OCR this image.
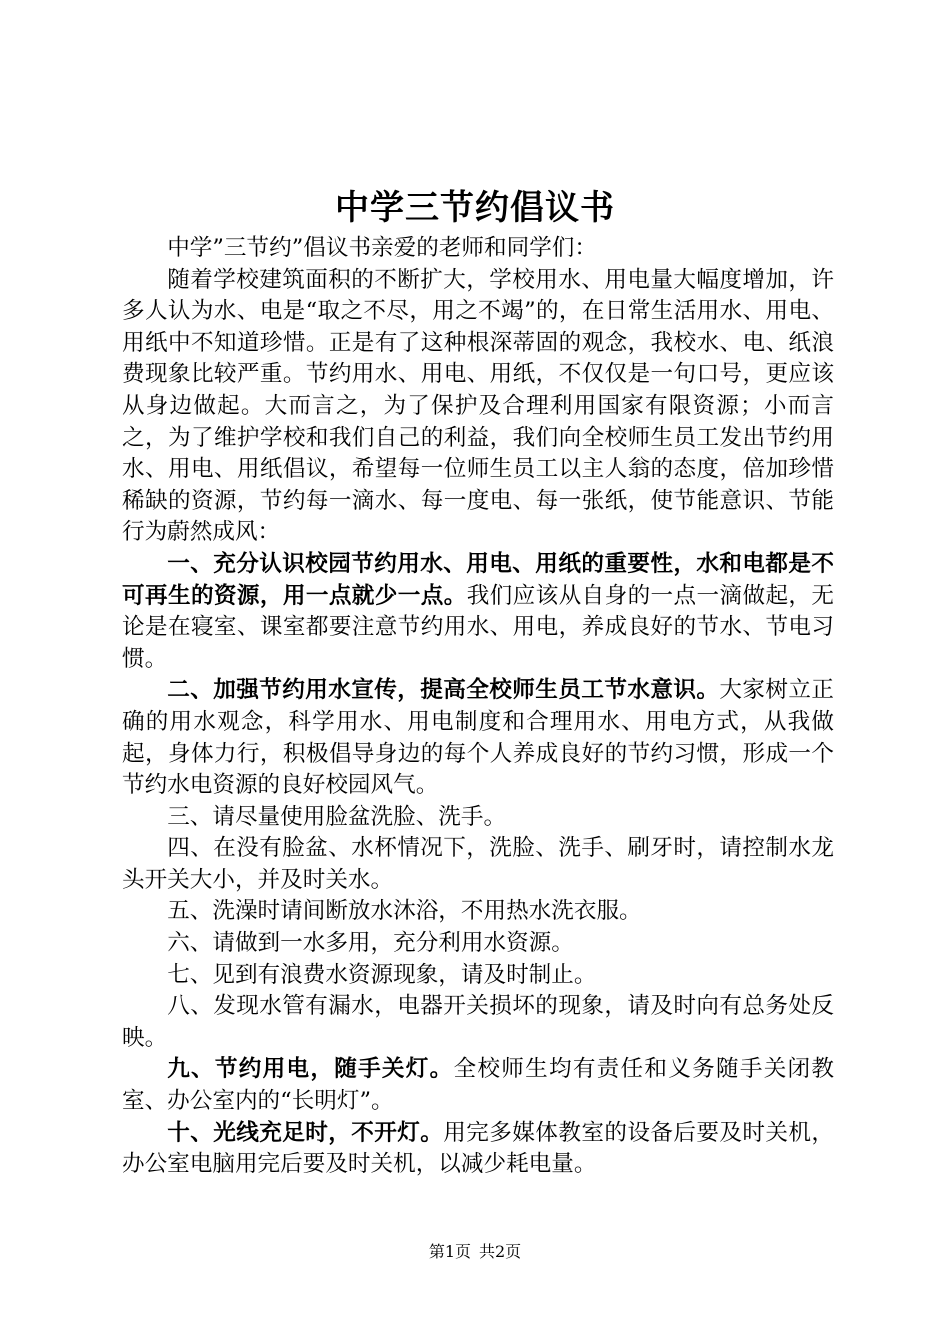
中学三节约倡议书

中学”三节约”倡议书亲爱的老师和同学们：

随着学校建筑面积的不断扩大，学校用水、用电量大幅度增加，许多人认为水、电是“取之不尽，用之不竭”的，在日常生活用水、用电、用纸中不知道珍惜。正是有了这种根深蒂固的观念，我校水、电、纸浪费现象比较严重。节约用水、用电、用纸，不仅仅是一句口号，更应该从身边做起。大而言之，为了保护及合理利用国家有限资源；小而言之，为了维护学校和我们自己的利益，我们向全校师生员工发出节约用水、用电、用纸倡议，希望每一位师生员工以主人翁的态度，倍加珍惜稀缺的资源，节约每一滴水、每一度电、每一张纸，使节能意识、节能行为蔚然成风：

一、充分认识校园节约用水、用电、用纸的重要性，水和电都是不可再生的资源，用一点就少一点。我们应该从自身的一点一滴做起，无论是在寝室、课室都要注意节约用水、用电，养成良好的节水、节电习惯。

二、加强节约用水宣传，提高全校师生员工节水意识。大家树立正确的用水观念，科学用水、用电制度和合理用水、用电方式，从我做起，身体力行，积极倡导身边的每个人养成良好的节约习惯，形成一个节约水电资源的良好校园风气。

三、请尽量使用脸盆洗脸、洗手。

四、在没有脸盆、水杯情况下，洗脸、洗手、刷牙时，请控制水龙头开关大小，并及时关水。

五、洗澡时请间断放水沐浴，不用热水洗衣服。

六、请做到一水多用，充分利用水资源。

七、见到有浪费水资源现象，请及时制止。

八、发现水管有漏水，电器开关损坏的现象，请及时向有总务处反映。

九、节约用电，随手关灯。全校师生均有责任和义务随手关闭教室、办公室内的“长明灯”。

十、光线充足时，不开灯。用完多媒体教室的设备后要及时关机，办公室电脑用完后要及时关机，以减少耗电量。

第1页 共2页
